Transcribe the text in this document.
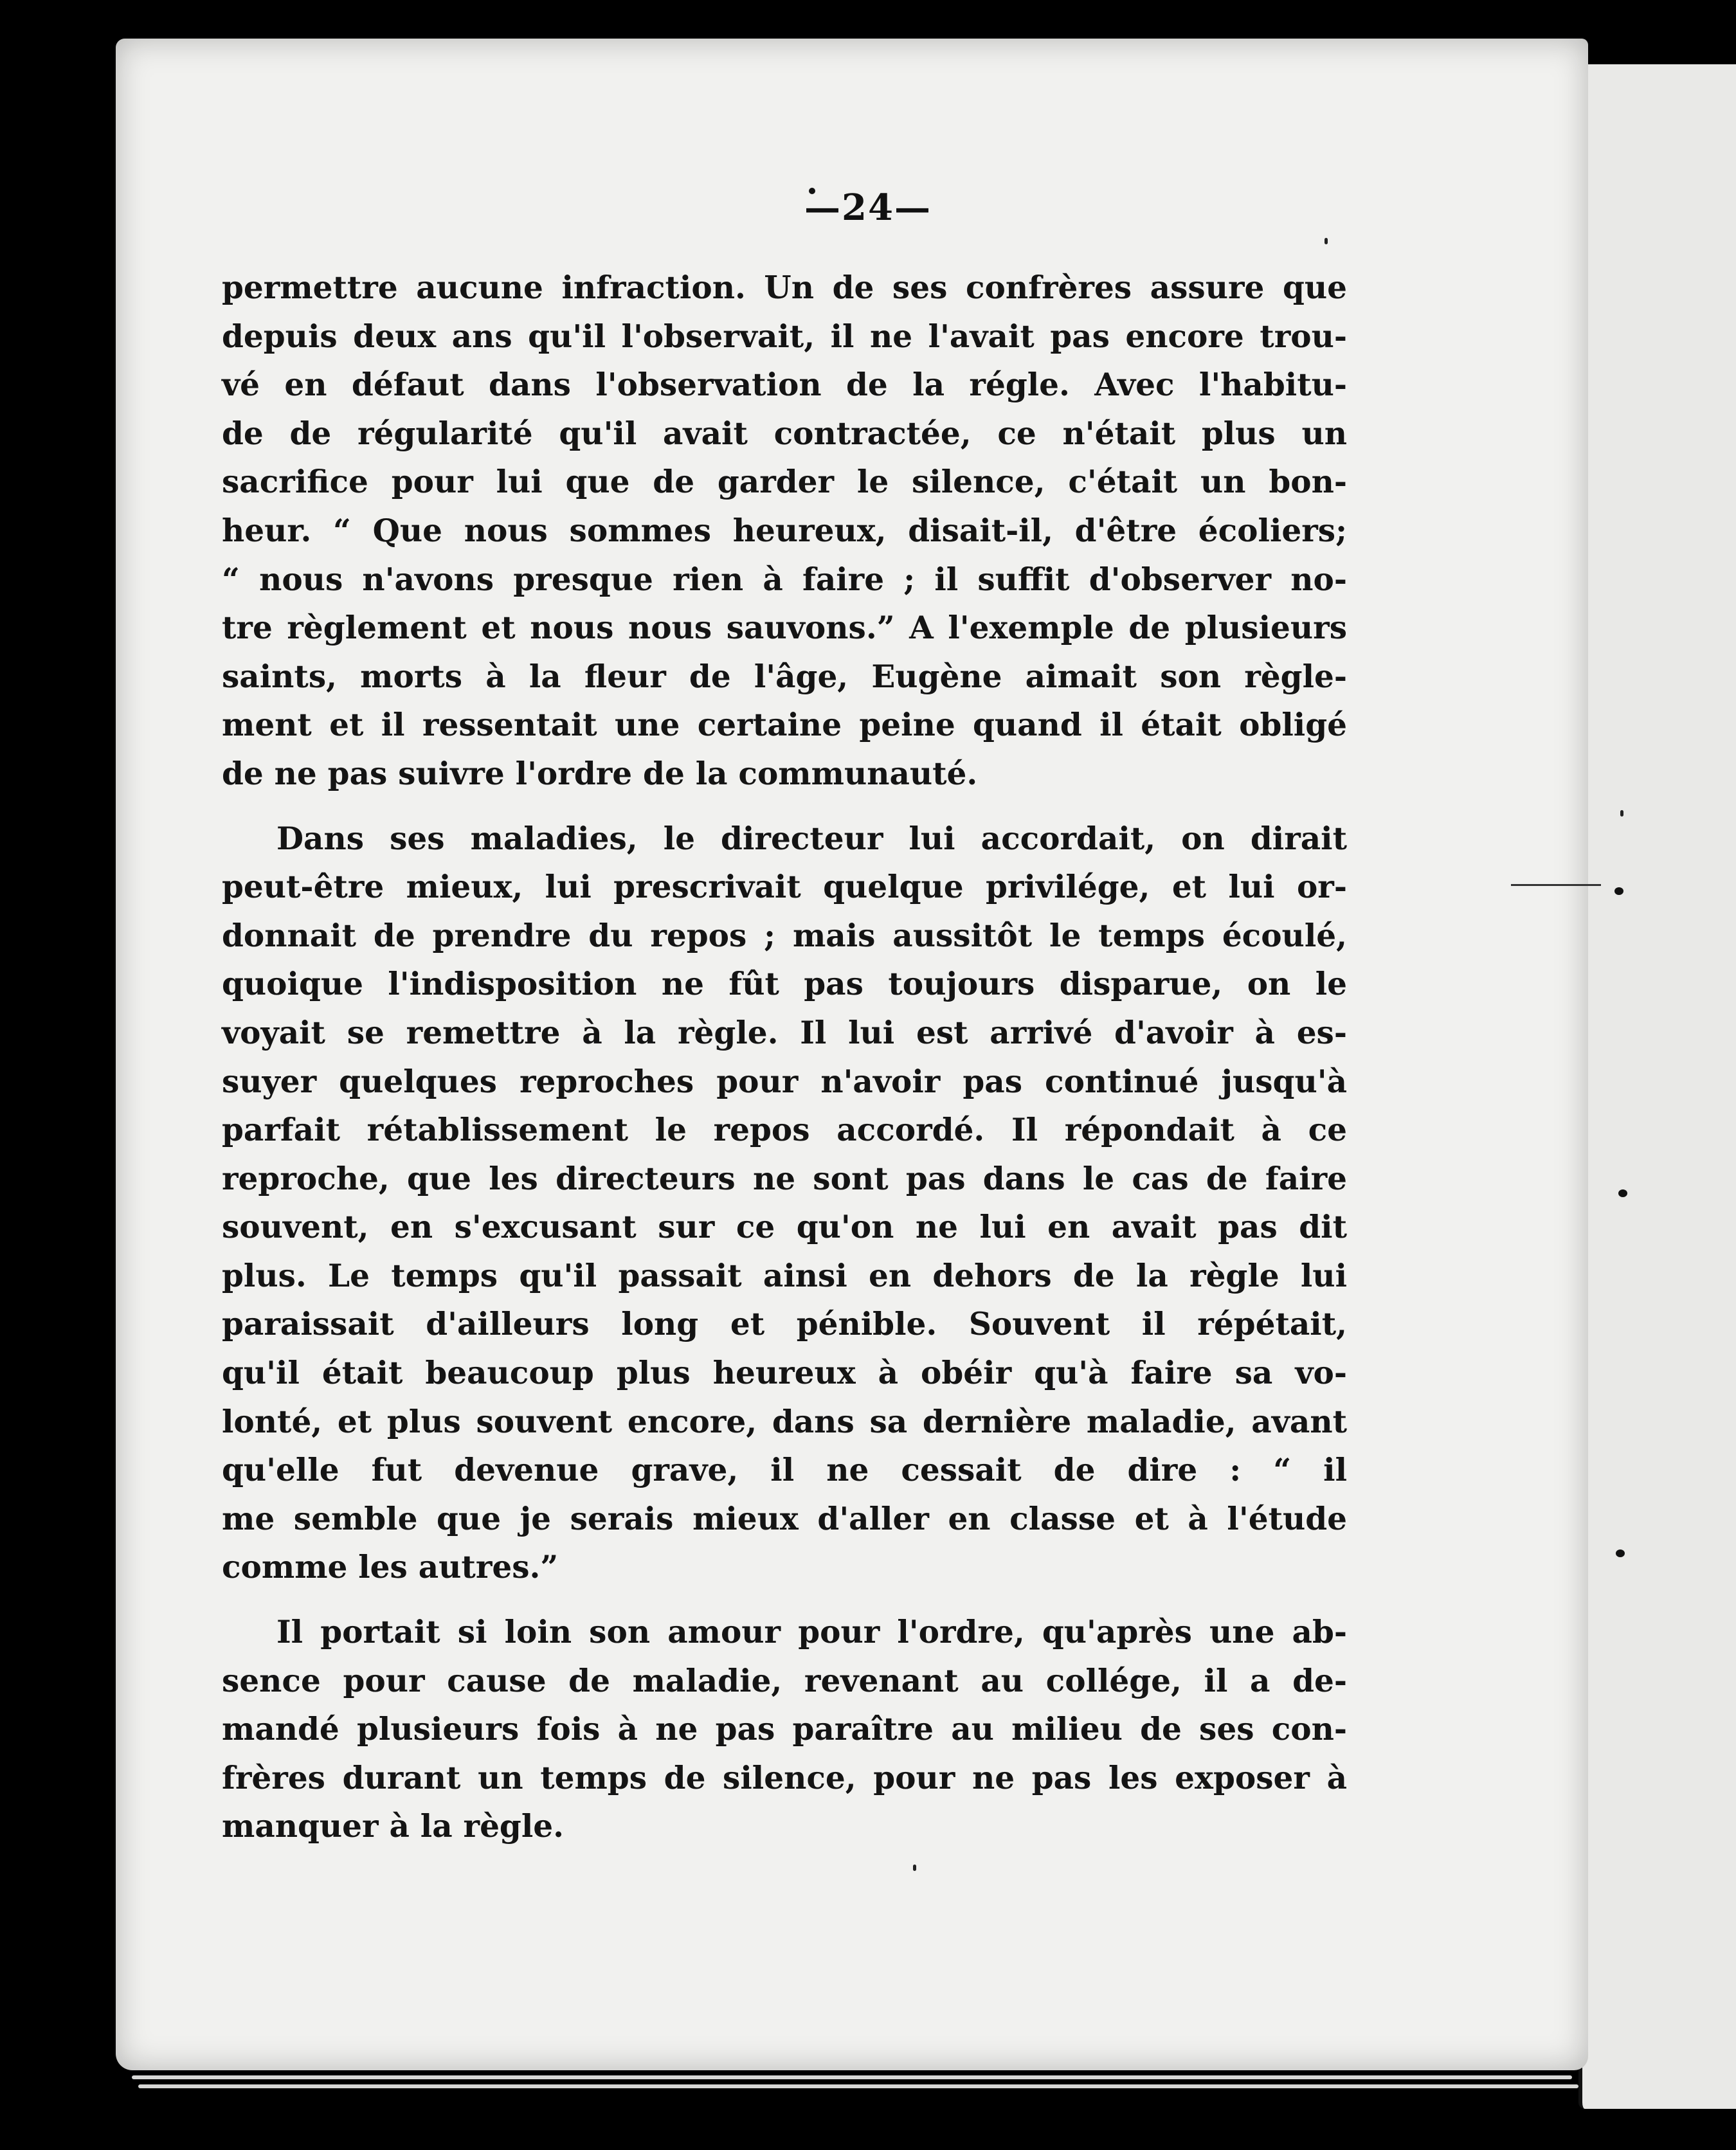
—24—
permettre aucune infraction. Un de ses confrères assure que
depuis deux ans qu'il l'observait, il ne l'avait pas encore trou-
vé en défaut dans l'observation de la régle. Avec l'habitu-
de de régularité qu'il avait contractée, ce n'était plus un
sacrifice pour lui que de garder le silence, c'était un bon-
heur. “ Que nous sommes heureux, disait-il, d'être écoliers;
“ nous n'avons presque rien à faire ; il suffit d'observer no-
tre règlement et nous nous sauvons.” A l'exemple de plusieurs
saints, morts à la fleur de l'âge, Eugène aimait son règle-
ment et il ressentait une certaine peine quand il était obligé
de ne pas suivre l'ordre de la communauté.
Dans ses maladies, le directeur lui accordait, on dirait
peut-être mieux, lui prescrivait quelque privilége, et lui or-
donnait de prendre du repos ; mais aussitôt le temps écoulé,
quoique l'indisposition ne fût pas toujours disparue, on le
voyait se remettre à la règle. Il lui est arrivé d'avoir à es-
suyer quelques reproches pour n'avoir pas continué jusqu'à
parfait rétablissement le repos accordé. Il répondait à ce
reproche, que les directeurs ne sont pas dans le cas de faire
souvent, en s'excusant sur ce qu'on ne lui en avait pas dit
plus. Le temps qu'il passait ainsi en dehors de la règle lui
paraissait d'ailleurs long et pénible. Souvent il répétait,
qu'il était beaucoup plus heureux à obéir qu'à faire sa vo-
lonté, et plus souvent encore, dans sa dernière maladie, avant
qu'elle fut devenue grave, il ne cessait de dire : “ il
me semble que je serais mieux d'aller en classe et à l'étude
comme les autres.”
Il portait si loin son amour pour l'ordre, qu'après une ab-
sence pour cause de maladie, revenant au collége, il a de-
mandé plusieurs fois à ne pas paraître au milieu de ses con-
frères durant un temps de silence, pour ne pas les exposer à
manquer à la règle.
